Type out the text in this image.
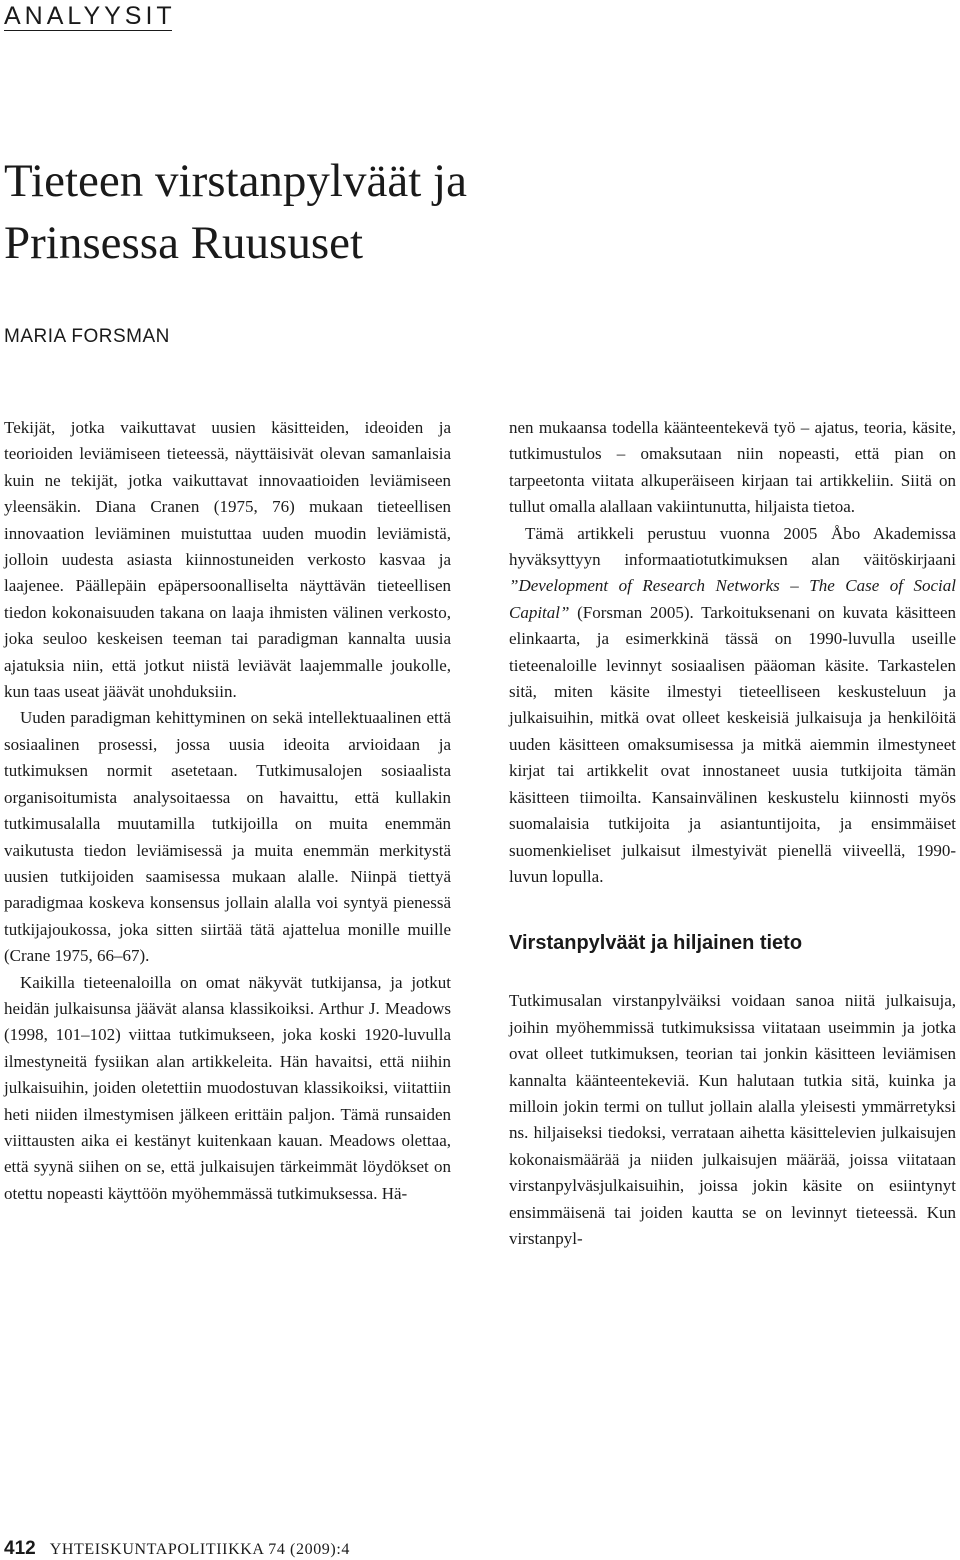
ANALYYSIT
Tieteen virstanpylväät ja
Prinsessa Ruususet
MARIA FORSMAN

Tekijät, jotka vaikuttavat uusien käsitteiden, ideoiden ja teorioiden leviämiseen tieteessä, näyttäisivät olevan samanlaisia kuin ne tekijät, jotka vaikuttavat innovaatioiden leviämiseen yleensäkin. Diana Cranen (1975, 76) mukaan tieteellisen innovaation leviäminen muistuttaa uuden muodin leviämistä, jolloin uudesta asiasta kiinnostuneiden verkosto kasvaa ja laajenee. Päällepäin epäpersoonalliselta näyttävän tieteellisen tiedon kokonaisuuden takana on laaja ihmisten välinen verkosto, joka seuloo keskeisen teeman tai paradigman kannalta uusia ajatuksia niin, että jotkut niistä leviävät laajemmalle joukolle, kun taas useat jäävät unohduksiin.

Uuden paradigman kehittyminen on sekä intellektuaalinen että sosiaalinen prosessi, jossa uusia ideoita arvioidaan ja tutkimuksen normit asetetaan. Tutkimusalojen sosiaalista organisoitumista analysoitaessa on havaittu, että kullakin tutkimusalalla muutamilla tutkijoilla on muita enemmän vaikutusta tiedon leviämisessä ja muita enemmän merkitystä uusien tutkijoiden saamisessa mukaan alalle. Niinpä tiettyä paradigmaa koskeva konsensus jollain alalla voi syntyä pienessä tutkijajoukossa, joka sitten siirtää tätä ajattelua monille muille (Crane 1975, 66–67).

Kaikilla tieteenaloilla on omat näkyvät tutkijansa, ja jotkut heidän julkaisunsa jäävät alansa klassikoiksi. Arthur J. Meadows (1998, 101–102) viittaa tutkimukseen, joka koski 1920-luvulla ilmestyneitä fysiikan alan artikkeleita. Hän havaitsi, että niihin julkaisuihin, joiden oletettiin muodostuvan klassikoiksi, viitattiin heti niiden ilmestymisen jälkeen erittäin paljon. Tämä runsaiden viittausten aika ei kestänyt kuitenkaan kauan. Meadows olettaa, että syynä siihen on se, että julkaisujen tärkeimmät löydökset on otettu nopeasti käyttöön myöhemmässä tutkimuksessa. Hä-

nen mukaansa todella käänteentekevä työ – ajatus, teoria, käsite, tutkimustulos – omaksutaan niin nopeasti, että pian on tarpeetonta viitata alkuperäiseen kirjaan tai artikkeliin. Siitä on tullut omalla alallaan vakiintunutta, hiljaista tietoa.

Tämä artikkeli perustuu vuonna 2005 Åbo Akademissa hyväksyttyyn informaatiotutkimuksen alan väitöskirjaani ”Development of Research Networks – The Case of Social Capital” (Forsman 2005). Tarkoituksenani on kuvata käsitteen elinkaarta, ja esimerkkinä tässä on 1990-luvulla useille tieteenaloille levinnyt sosiaalisen pääoman käsite. Tarkastelen sitä, miten käsite ilmestyi tieteelliseen keskusteluun ja julkaisuihin, mitkä ovat olleet keskeisiä julkaisuja ja henkilöitä uuden käsitteen omaksumisessa ja mitkä aiemmin ilmestyneet kirjat tai artikkelit ovat innostaneet uusia tutkijoita tämän käsitteen tiimoilta. Kansainvälinen keskustelu kiinnosti myös suomalaisia tutkijoita ja asiantuntijoita, ja ensimmäiset suomenkieliset julkaisut ilmestyivät pienellä viiveellä, 1990-luvun lopulla.

Virstanpylväät ja hiljainen tieto

Tutkimusalan virstanpylväiksi voidaan sanoa niitä julkaisuja, joihin myöhemmissä tutkimuksissa viitataan useimmin ja jotka ovat olleet tutkimuksen, teorian tai jonkin käsitteen leviämisen kannalta käänteentekeviä. Kun halutaan tutkia sitä, kuinka ja milloin jokin termi on tullut jollain alalla yleisesti ymmärretyksi ns. hiljaiseksi tiedoksi, verrataan aihetta käsittelevien julkaisujen kokonaismäärää ja niiden julkaisujen määrää, joissa viitataan virstanpylväsjulkaisuihin, joissa jokin käsite on esiintynyt ensimmäisenä tai joiden kautta se on levinnyt tieteessä. Kun virstanpyl-

412 YHTEISKUNTAPOLITIIKKA 74 (2009):4
